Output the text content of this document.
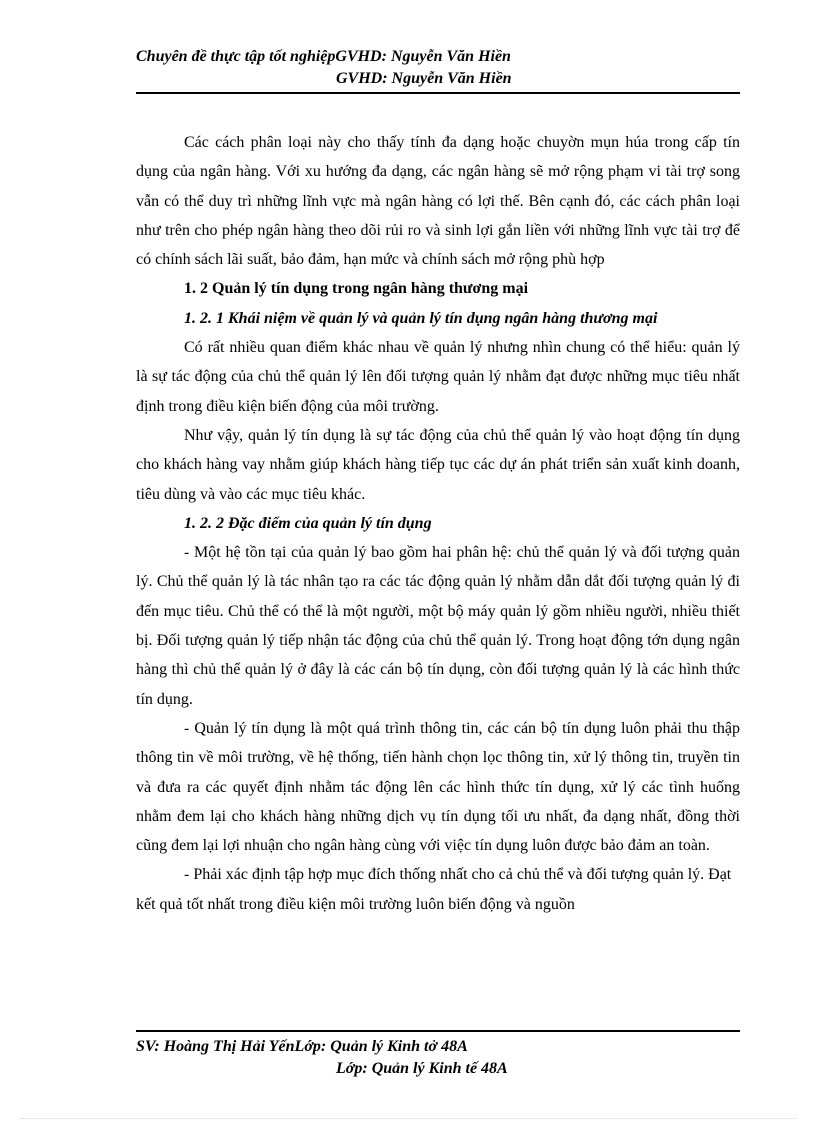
Chuyên đề thực tập tốt nghiệpGVHD: Nguyễn Văn Hiền
GVHD: Nguyễn Văn Hiền

Các cách phân loại này cho thấy tính đa dạng hoặc chuyờn mụn húa trong cấp tín dụng của ngân hàng. Với xu hướng đa dạng, các ngân hàng sẽ mở rộng phạm vi tài trợ song vẫn có thể duy trì những lĩnh vực mà ngân hàng có lợi thế. Bên cạnh đó, các cách phân loại như trên cho phép ngân hàng theo dõi rủi ro và sinh lợi gắn liền với những lĩnh vực tài trợ để có chính sách lãi suất, bảo đảm, hạn mức và chính sách mở rộng phù hợp

1. 2 Quản lý tín dụng trong ngân hàng thương mại

1. 2. 1 Khái niệm về quản lý và quản lý tín dụng ngân hàng thương mại

Có rất nhiều quan điểm khác nhau về quản lý nhưng nhìn chung có thể hiểu: quản lý là sự tác động của chủ thể quản lý lên đối tượng quản lý nhằm đạt được những mục tiêu nhất định trong điều kiện biến động của môi trường.

Như vậy, quản lý tín dụng là sự tác động của chủ thể quản lý vào hoạt động tín dụng cho khách hàng vay nhằm giúp khách hàng tiếp tục các dự án phát triển sản xuất kinh doanh, tiêu dùng và vào các mục tiêu khác.

1. 2. 2 Đặc điểm của quản lý tín dụng

- Một hệ tồn tại của quản lý bao gồm hai phân hệ: chủ thể quản lý và đối tượng quản lý. Chủ thể quản lý là tác nhân tạo ra các tác động quản lý nhằm dẫn dắt đối tượng quản lý đi đến mục tiêu. Chủ thể có thể là một người, một bộ máy quản lý gồm nhiều người, nhiều thiết bị. Đối tượng quản lý tiếp nhận tác động của chủ thể quản lý. Trong hoạt động tớn dụng ngân hàng thì chủ thể quản lý ở đây là các cán bộ tín dụng, còn đối tượng quản lý là các hình thức tín dụng.

- Quản lý tín dụng là một quá trình thông tin, các cán bộ tín dụng luôn phải thu thập thông tin về môi trường, về hệ thống, tiến hành chọn lọc thông tin, xử lý thông tin, truyền tin và đưa ra các quyết định nhằm tác động lên các hình thức tín dụng, xử lý các tình huống nhằm đem lại cho khách hàng những dịch vụ tín dụng tối ưu nhất, đa dạng nhất, đồng thời cũng đem lại lợi nhuận cho ngân hàng cùng với việc tín dụng luôn được bảo đảm an toàn.

- Phải xác định tập hợp mục đích thống nhất cho cả chủ thể và đối tượng quản lý. Đạt kết quả tốt nhất trong điều kiện môi trường luôn biến động và nguồn

SV: Hoàng Thị Hải YếnLớp: Quản lý Kinh tở 48A
Lớp: Quản lý Kinh tế 48A
